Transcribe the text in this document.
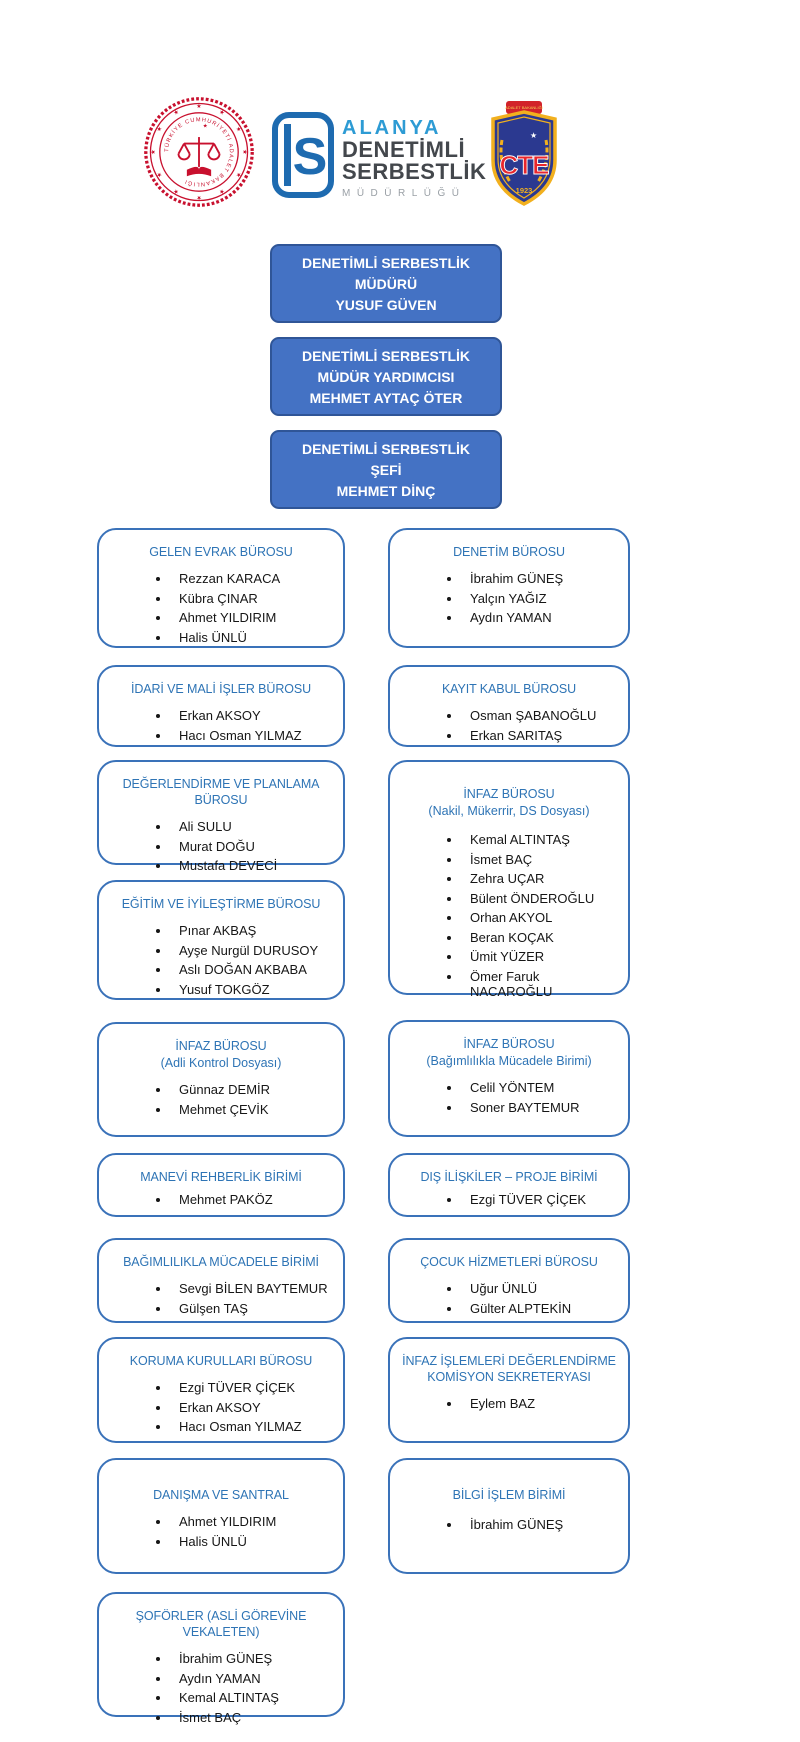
★
★
★
★
★
★
★
★
★
★
★
★
TÜRKİYE CUMHURİYETİ ADALET BAKANLIĞI
★
S ALANYA
DENETİMLİ
SERBESTLİK
MÜDÜRLÜĞÜ
ADALET BAKANLIĞI
★
CTE
1923
DENETİMLİ SERBESTLİK
MÜDÜRÜ
YUSUF GÜVEN
DENETİMLİ SERBESTLİK
MÜDÜR YARDIMCISI
MEHMET AYTAÇ ÖTER
DENETİMLİ SERBESTLİK
ŞEFİ
MEHMET DİNÇ
GELEN EVRAK BÜROSU
• Rezzan KARACA
• Kübra ÇINAR
• Ahmet YILDIRIM
• Halis ÜNLÜ
İDARİ VE MALİ İŞLER BÜROSU
• Erkan AKSOY
• Hacı Osman YILMAZ
DEĞERLENDİRME VE PLANLAMA BÜROSU
• Ali SULU
• Murat DOĞU
• Mustafa DEVECİ
EĞİTİM VE İYİLEŞTİRME BÜROSU
• Pınar AKBAŞ
• Ayşe Nurgül DURUSOY
• Aslı DOĞAN AKBABA
• Yusuf TOKGÖZ
İNFAZ BÜROSU
(Adli Kontrol Dosyası)
• Günnaz DEMİR
• Mehmet ÇEVİK
MANEVİ REHBERLİK BİRİMİ
• Mehmet PAKÖZ
BAĞIMLILIKLA MÜCADELE BİRİMİ
• Sevgi BİLEN BAYTEMUR
• Gülşen TAŞ
KORUMA KURULLARI BÜROSU
• Ezgi TÜVER ÇİÇEK
• Erkan AKSOY
• Hacı Osman YILMAZ
DANIŞMA VE SANTRAL
• Ahmet YILDIRIM
• Halis ÜNLÜ
ŞOFÖRLER (ASLİ GÖREVİNE VEKALETEN)
• İbrahim GÜNEŞ
• Aydın YAMAN
• Kemal ALTINTAŞ
• İsmet BAÇ
DENETİM BÜROSU
• İbrahim GÜNEŞ
• Yalçın YAĞIZ
• Aydın YAMAN
KAYIT KABUL BÜROSU
• Osman ŞABANOĞLU
• Erkan SARITAŞ
İNFAZ BÜROSU
(Nakil, Mükerrir, DS Dosyası)
• Kemal ALTINTAŞ
• İsmet BAÇ
• Zehra UÇAR
• Bülent ÖNDEROĞLU
• Orhan AKYOL
• Beran KOÇAK
• Ümit YÜZER
• Ömer Faruk NACAROĞLU
İNFAZ BÜROSU
(Bağımlılıkla Mücadele Birimi)
• Celil YÖNTEM
• Soner BAYTEMUR
DIŞ İLİŞKİLER – PROJE BİRİMİ
• Ezgi TÜVER ÇİÇEK
ÇOCUK HİZMETLERİ BÜROSU
• Uğur ÜNLÜ
• Gülter ALPTEKİN
İNFAZ İŞLEMLERİ DEĞERLENDİRME KOMİSYON SEKRETERYASI
• Eylem BAZ
BİLGİ İŞLEM BİRİMİ
• İbrahim GÜNEŞ
